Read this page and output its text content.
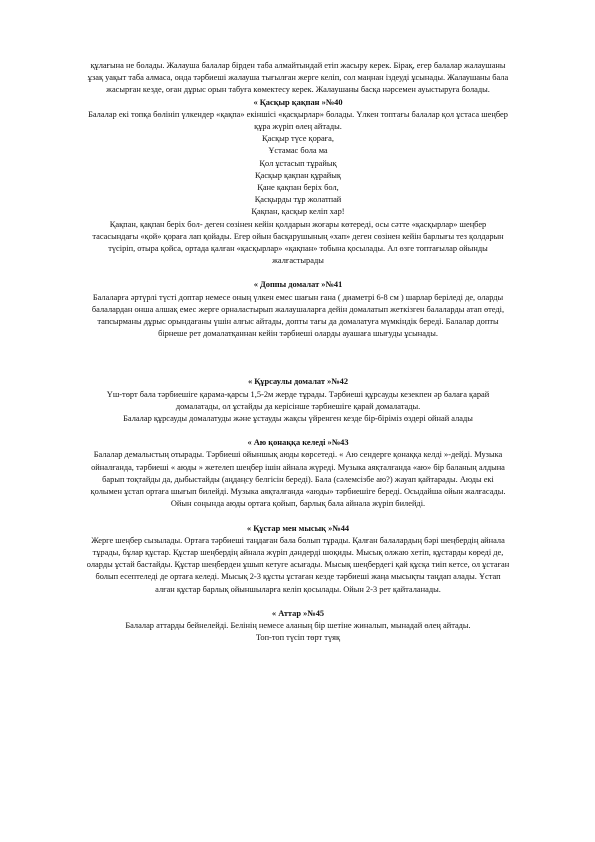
құлағына не болады. Жалауша балалар бірден таба алмайтындай етіп жасыру керек. Бірақ, егер балалар жалаушаны ұзақ уақыт таба алмаса, онда тәрбиеші жалауша тығылған жерге келіп, сол маңнан іздеуді ұсынады. Жалаушаны бала жасырған кезде, оған дұрыс орын табуға көмектесу керек. Жалаушаны басқа нәрсемен ауыстыруға болады.

« Қасқыр қақпан »№40

Балалар екі топқа бөлініп үлкендер «қақпа» екіншісі «қасқырлар» болады. Үлкен топтағы балалар қол ұстаса шеңбер құра жүріп өлең айтады.

Қасқыр түсе қораға,

Ұстамас бола ма

Қол ұстасып тұрайық

Қасқыр қақпан құрайық

Қане қақпан беріх бол,

Қасқырды тұр жолатпай

Қақпан, қасқыр келіп хар!

Қақпан, қақпан беріх бол- деген сөзінен кейін қолдарын жоғары көтереді, осы сәтте «қасқырлар» шеңбер тасасындағы «қой» қораға лап қойады. Егер ойын басқарушының «хап» деген сөзінен кейін барлығы тез қолдарын түсіріп, отыра қойса, ортада қалған «қасқырлар» «қақпан» тобына қосылады. Ал өзге топтағылар ойынды жалғастырады

« Доппы домалат »№41

Балаларға әртүрлі түсті доптар немесе оның үлкен емес шағын ғана ( диаметрі 6-8 см ) шарлар беріледі де, оларды балалардан онша алшақ емес жерге орналастырып жалаушаларға дейін домалатып жеткізген балаларды атап өтеді, тапсырманы дұрыс орындағаны үшін алғыс айтады, допты тағы да домалатуға мүмкіндік береді. Балалар допты бірнеше рет домалатқаннан кейін тәрбиеші оларды ауашаға шығуды ұсынады.

« Құрсаулы домалат »№42

Үш-төрт бала тәрбиешіге қарама-қарсы 1,5-2м жерде тұрады. Тәрбиеші құрсауды кезекпен әр балаға қарай домалатады, ол ұстайды да керісінше тәрбиешіге қарай домалатады.

Балалар құрсауды домалатуды және ұстауды жақсы үйренген кезде бір-біріміз өздері ойнай алады

« Аю қонаққа келеді »№43

Балалар демалыстың отырады. Тәрбиеші ойыншық аюды көрсетеді. « Аю сендерге қонаққа келді »-дейді. Музыка ойналғанда, тәрбиеші « аюды » жетелеп шеңбер ішін айнала жүреді. Музыка аяқталғанда «аю» бір баланың алдына барып тоқтайды да, дыбыстайды (аңдаңсу белгісін береді). Бала (сәлемсізбе аю?) жауап қайтарады. Аюды екі қолымен ұстап ортаға шығып билейді. Музыка аяқталғанда «аюды» тәрбиешіге береді. Осыдайша ойын жалғасады. Ойын соңында аюды ортаға қойып, барлық бала айнала жүріп билейді.

« Құстар мен мысық »№44

Жерге шеңбер сызылады. Ортаға тәрбиеші таңдаған бала болып тұрады. Қалған балалардың бәрі шеңбердің айнала тұрады, бұлар құстар. Құстар шеңбердің айнала жүріп дәндерді шоқиды. Мысық олжаю хетіп, құстарды көреді де, оларды ұстай бастайды. Құстар шеңберден ұшып кетуге асығады. Мысық шеңбердегі қай құсқа тиіп кетсе, ол ұстаған болып есептеледі де ортаға келеді. Мысық 2-3 құсты ұстаған кезде тәрбиеші жаңа мысықты таңдап алады. Ұстап алған құстар барлық ойыншыларға келіп қосылады. Ойын 2-3 рет қайталанады.

« Аттар »№45

Балалар аттарды бейнелейді. Белінің немесе аланың бір шетіне жиналып, мынадай өлең айтады.

Топ-топ түсіп төрт түяқ
